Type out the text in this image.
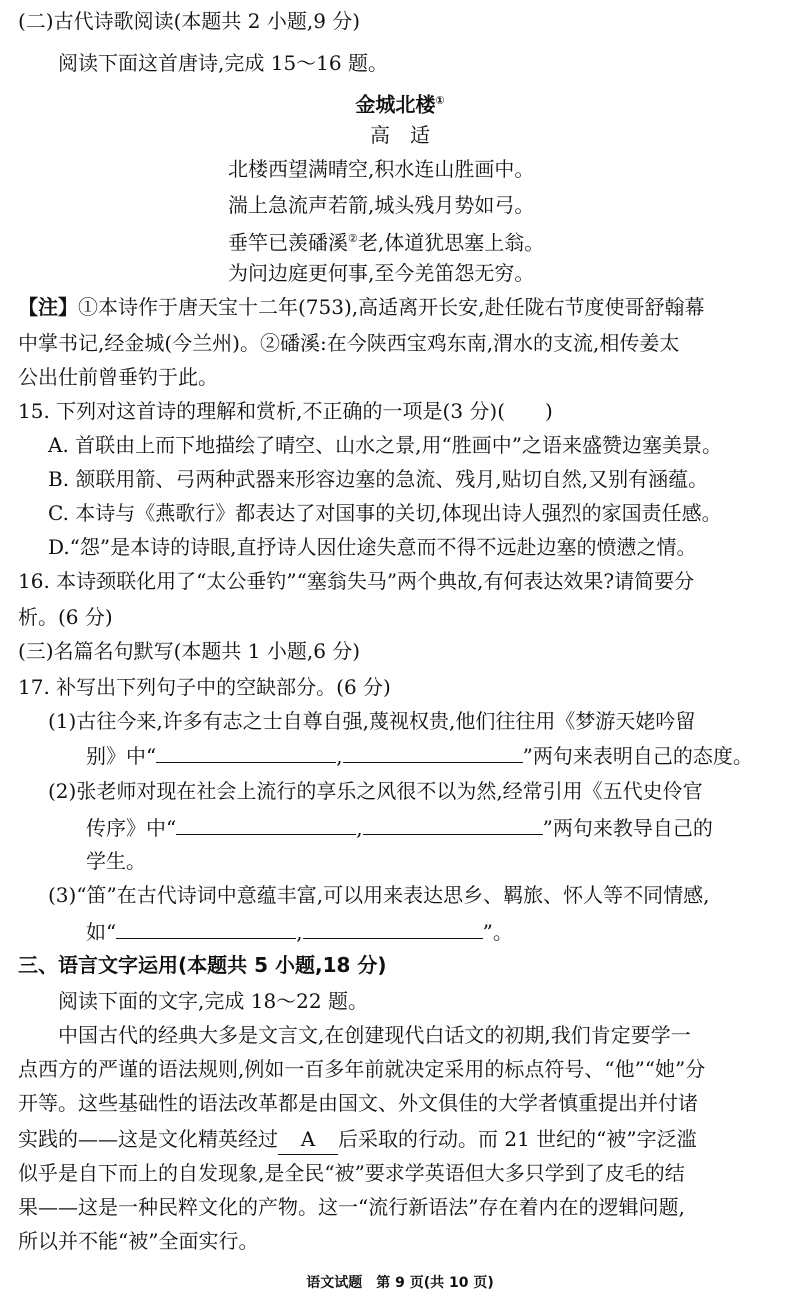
(二)古代诗歌阅读(本题共 2 小题,9 分)
阅读下面这首唐诗,完成 15～16 题。
金城北楼①
高　适
北楼西望满晴空,积水连山胜画中。
湍上急流声若箭,城头残月势如弓。
垂竿已羡磻溪②老,体道犹思塞上翁。
为问边庭更何事,至今羌笛怨无穷。
【注】①本诗作于唐天宝十二年(753),高适离开长安,赴任陇右节度使哥舒翰幕
中掌书记,经金城(今兰州)。②磻溪:在今陕西宝鸡东南,渭水的支流,相传姜太
公出仕前曾垂钓于此。
15. 下列对这首诗的理解和赏析,不正确的一项是(3 分)(　　)
A. 首联由上而下地描绘了晴空、山水之景,用“胜画中”之语来盛赞边塞美景。
B. 颔联用箭、弓两种武器来形容边塞的急流、残月,贴切自然,又别有涵蕴。
C. 本诗与《燕歌行》都表达了对国事的关切,体现出诗人强烈的家国责任感。
D.“怨”是本诗的诗眼,直抒诗人因仕途失意而不得不远赴边塞的愤懑之情。
16. 本诗颈联化用了“太公垂钓”“塞翁失马”两个典故,有何表达效果?请简要分
析。(6 分)
(三)名篇名句默写(本题共 1 小题,6 分)
17. 补写出下列句子中的空缺部分。(6 分)
(1)古往今来,许多有志之士自尊自强,蔑视权贵,他们往往用《梦游天姥吟留
别》中“	,	”两句来表明自己的态度。
(2)张老师对现在社会上流行的享乐之风很不以为然,经常引用《五代史伶官
传序》中“	,	”两句来教导自己的
学生。
(3)“笛”在古代诗词中意蕴丰富,可以用来表达思乡、羁旅、怀人等不同情感,
如“	,	”。
三、语言文字运用(本题共 5 小题,18 分)
阅读下面的文字,完成 18～22 题。
中国古代的经典大多是文言文,在创建现代白话文的初期,我们肯定要学一
点西方的严谨的语法规则,例如一百多年前就决定采用的标点符号、“他”“她”分
开等。这些基础性的语法改革都是由国文、外文俱佳的大学者慎重提出并付诸
实践的——这是文化精英经过 A 后采取的行动。而 21 世纪的“被”字泛滥
似乎是自下而上的自发现象,是全民“被”要求学英语但大多只学到了皮毛的结
果——这是一种民粹文化的产物。这一“流行新语法”存在着内在的逻辑问题,
所以并不能“被”全面实行。
语文试题　第 9 页(共 10 页)
